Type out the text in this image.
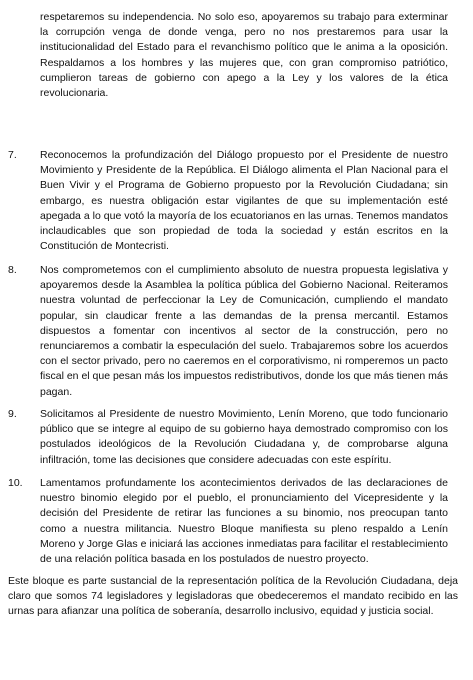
respetaremos su independencia. No solo eso, apoyaremos su trabajo para exterminar la corrupción venga de donde venga, pero no nos prestaremos para usar la institucionalidad del Estado para el revanchismo político que le anima a la oposición. Respaldamos a los hombres y las mujeres que, con gran compromiso patriótico, cumplieron tareas de gobierno con apego a la Ley y los valores de la ética revolucionaria.

7. Reconocemos la profundización del Diálogo propuesto por el Presidente de nuestro Movimiento y Presidente de la República. El Diálogo alimenta el Plan Nacional para el Buen Vivir y el Programa de Gobierno propuesto por la Revolución Ciudadana; sin embargo, es nuestra obligación estar vigilantes de que su implementación esté apegada a lo que votó la mayoría de los ecuatorianos en las urnas. Tenemos mandatos inclaudicables que son propiedad de toda la sociedad y están escritos en la Constitución de Montecristi.

8. Nos comprometemos con el cumplimiento absoluto de nuestra propuesta legislativa y apoyaremos desde la Asamblea la política pública del Gobierno Nacional. Reiteramos nuestra voluntad de perfeccionar la Ley de Comunicación, cumpliendo el mandato popular, sin claudicar frente a las demandas de la prensa mercantil. Estamos dispuestos a fomentar con incentivos al sector de la construcción, pero no renunciaremos a combatir la especulación del suelo. Trabajaremos sobre los acuerdos con el sector privado, pero no caeremos en el corporativismo, ni romperemos un pacto fiscal en el que pesan más los impuestos redistributivos, donde los que más tienen más pagan.

9. Solicitamos al Presidente de nuestro Movimiento, Lenín Moreno, que todo funcionario público que se integre al equipo de su gobierno haya demostrado compromiso con los postulados ideológicos de la Revolución Ciudadana y, de comprobarse alguna infiltración, tome las decisiones que considere adecuadas con este espíritu.

10. Lamentamos profundamente los acontecimientos derivados de las declaraciones de nuestro binomio elegido por el pueblo, el pronunciamiento del Vicepresidente y la decisión del Presidente de retirar las funciones a su binomio, nos preocupan tanto como a nuestra militancia. Nuestro Bloque manifiesta su pleno respaldo a Lenín Moreno y Jorge Glas e iniciará las acciones inmediatas para facilitar el restablecimiento de una relación política basada en los postulados de nuestro proyecto.

Este bloque es parte sustancial de la representación política de la Revolución Ciudadana, deja claro que somos 74 legisladores y legisladoras que obedeceremos el mandato recibido en las urnas para afianzar una política de soberanía, desarrollo inclusivo, equidad y justicia social.
